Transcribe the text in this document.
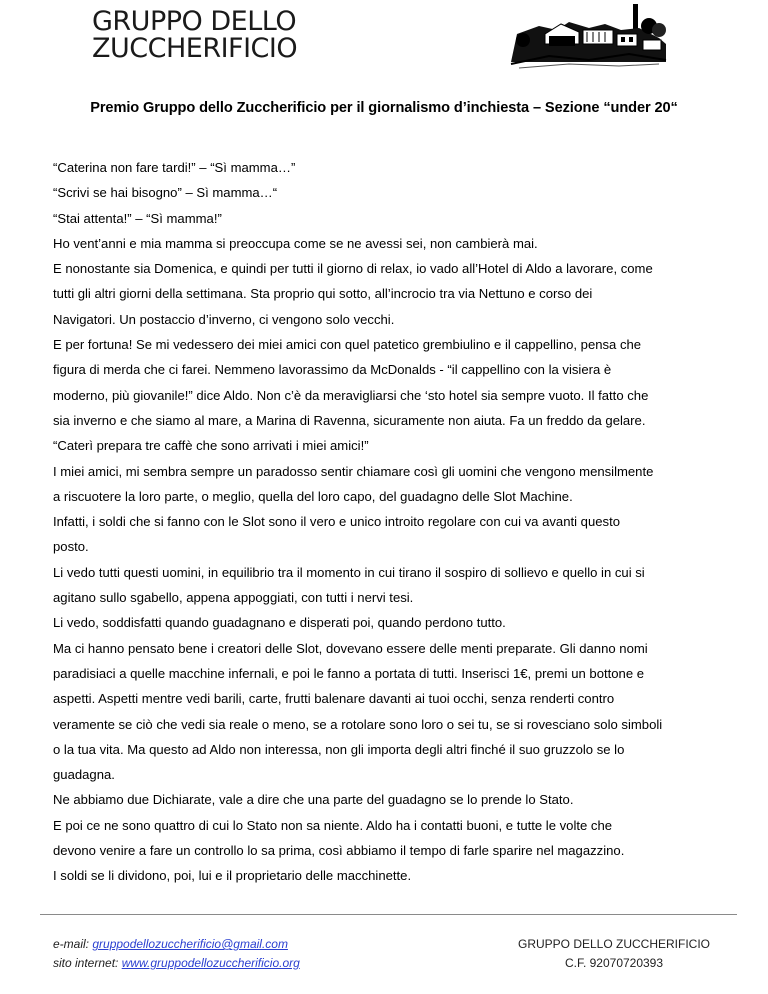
GRUPPO DELLO
ZUCCHERIFICIO
Premio Gruppo dello Zuccherificio per il giornalismo d’inchiesta – Sezione “under 20“

“Caterina non fare tardi!” – “Sì mamma…”

“Scrivi se hai bisogno” – Sì mamma…“

“Stai attenta!” – “Sì mamma!”

Ho vent’anni e mia mamma si preoccupa come se ne avessi sei, non cambierà mai.

E nonostante sia Domenica, e quindi per tutti il giorno di relax, io vado all’Hotel di Aldo a lavorare, come

tutti gli altri giorni della settimana. Sta proprio qui sotto, all’incrocio tra via Nettuno e corso dei

Navigatori. Un postaccio d’inverno, ci vengono solo vecchi.

E per fortuna! Se mi vedessero dei miei amici con quel patetico grembiulino e il cappellino, pensa che

figura di merda che ci farei. Nemmeno lavorassimo da McDonalds - “il cappellino con la visiera è

moderno, più giovanile!” dice Aldo. Non c’è da meravigliarsi che ‘sto hotel sia sempre vuoto. Il fatto che

sia inverno e che siamo al mare, a Marina di Ravenna, sicuramente non aiuta. Fa un freddo da gelare.

“Caterì prepara tre caffè che sono arrivati i miei amici!”

I miei amici, mi sembra sempre un paradosso sentir chiamare così gli uomini che vengono mensilmente

a riscuotere la loro parte, o meglio, quella del loro capo, del guadagno delle Slot Machine.

Infatti, i soldi che si fanno con le Slot sono il vero e unico introito regolare con cui va avanti questo

posto.

Li vedo tutti questi uomini, in equilibrio tra il momento in cui tirano il sospiro di sollievo e quello in cui si

agitano sullo sgabello, appena appoggiati, con tutti i nervi tesi.

Li vedo, soddisfatti quando guadagnano e disperati poi, quando perdono tutto.

Ma ci hanno pensato bene i creatori delle Slot, dovevano essere delle menti preparate. Gli danno nomi

paradisiaci a quelle macchine infernali, e poi le fanno a portata di tutti. Inserisci 1€, premi un bottone e

aspetti. Aspetti mentre vedi barili, carte, frutti balenare davanti ai tuoi occhi, senza renderti contro

veramente se ciò che vedi sia reale o meno, se a rotolare sono loro o sei tu, se si rovesciano solo simboli

o la tua vita. Ma questo ad Aldo non interessa, non gli importa degli altri finché il suo gruzzolo se lo

guadagna.

Ne abbiamo due Dichiarate, vale a dire che una parte del guadagno se lo prende lo Stato.

E poi ce ne sono quattro di cui lo Stato non sa niente. Aldo ha i contatti buoni, e tutte le volte che

devono venire a fare un controllo lo sa prima, così abbiamo il tempo di farle sparire nel magazzino.

I soldi se li dividono, poi, lui e il proprietario delle macchinette.

e-mail: gruppodellozuccherificio@gmail.com
sito internet: www.gruppodellozuccherificio.org
GRUPPO DELLO ZUCCHERIFICIO
C.F. 92070720393
